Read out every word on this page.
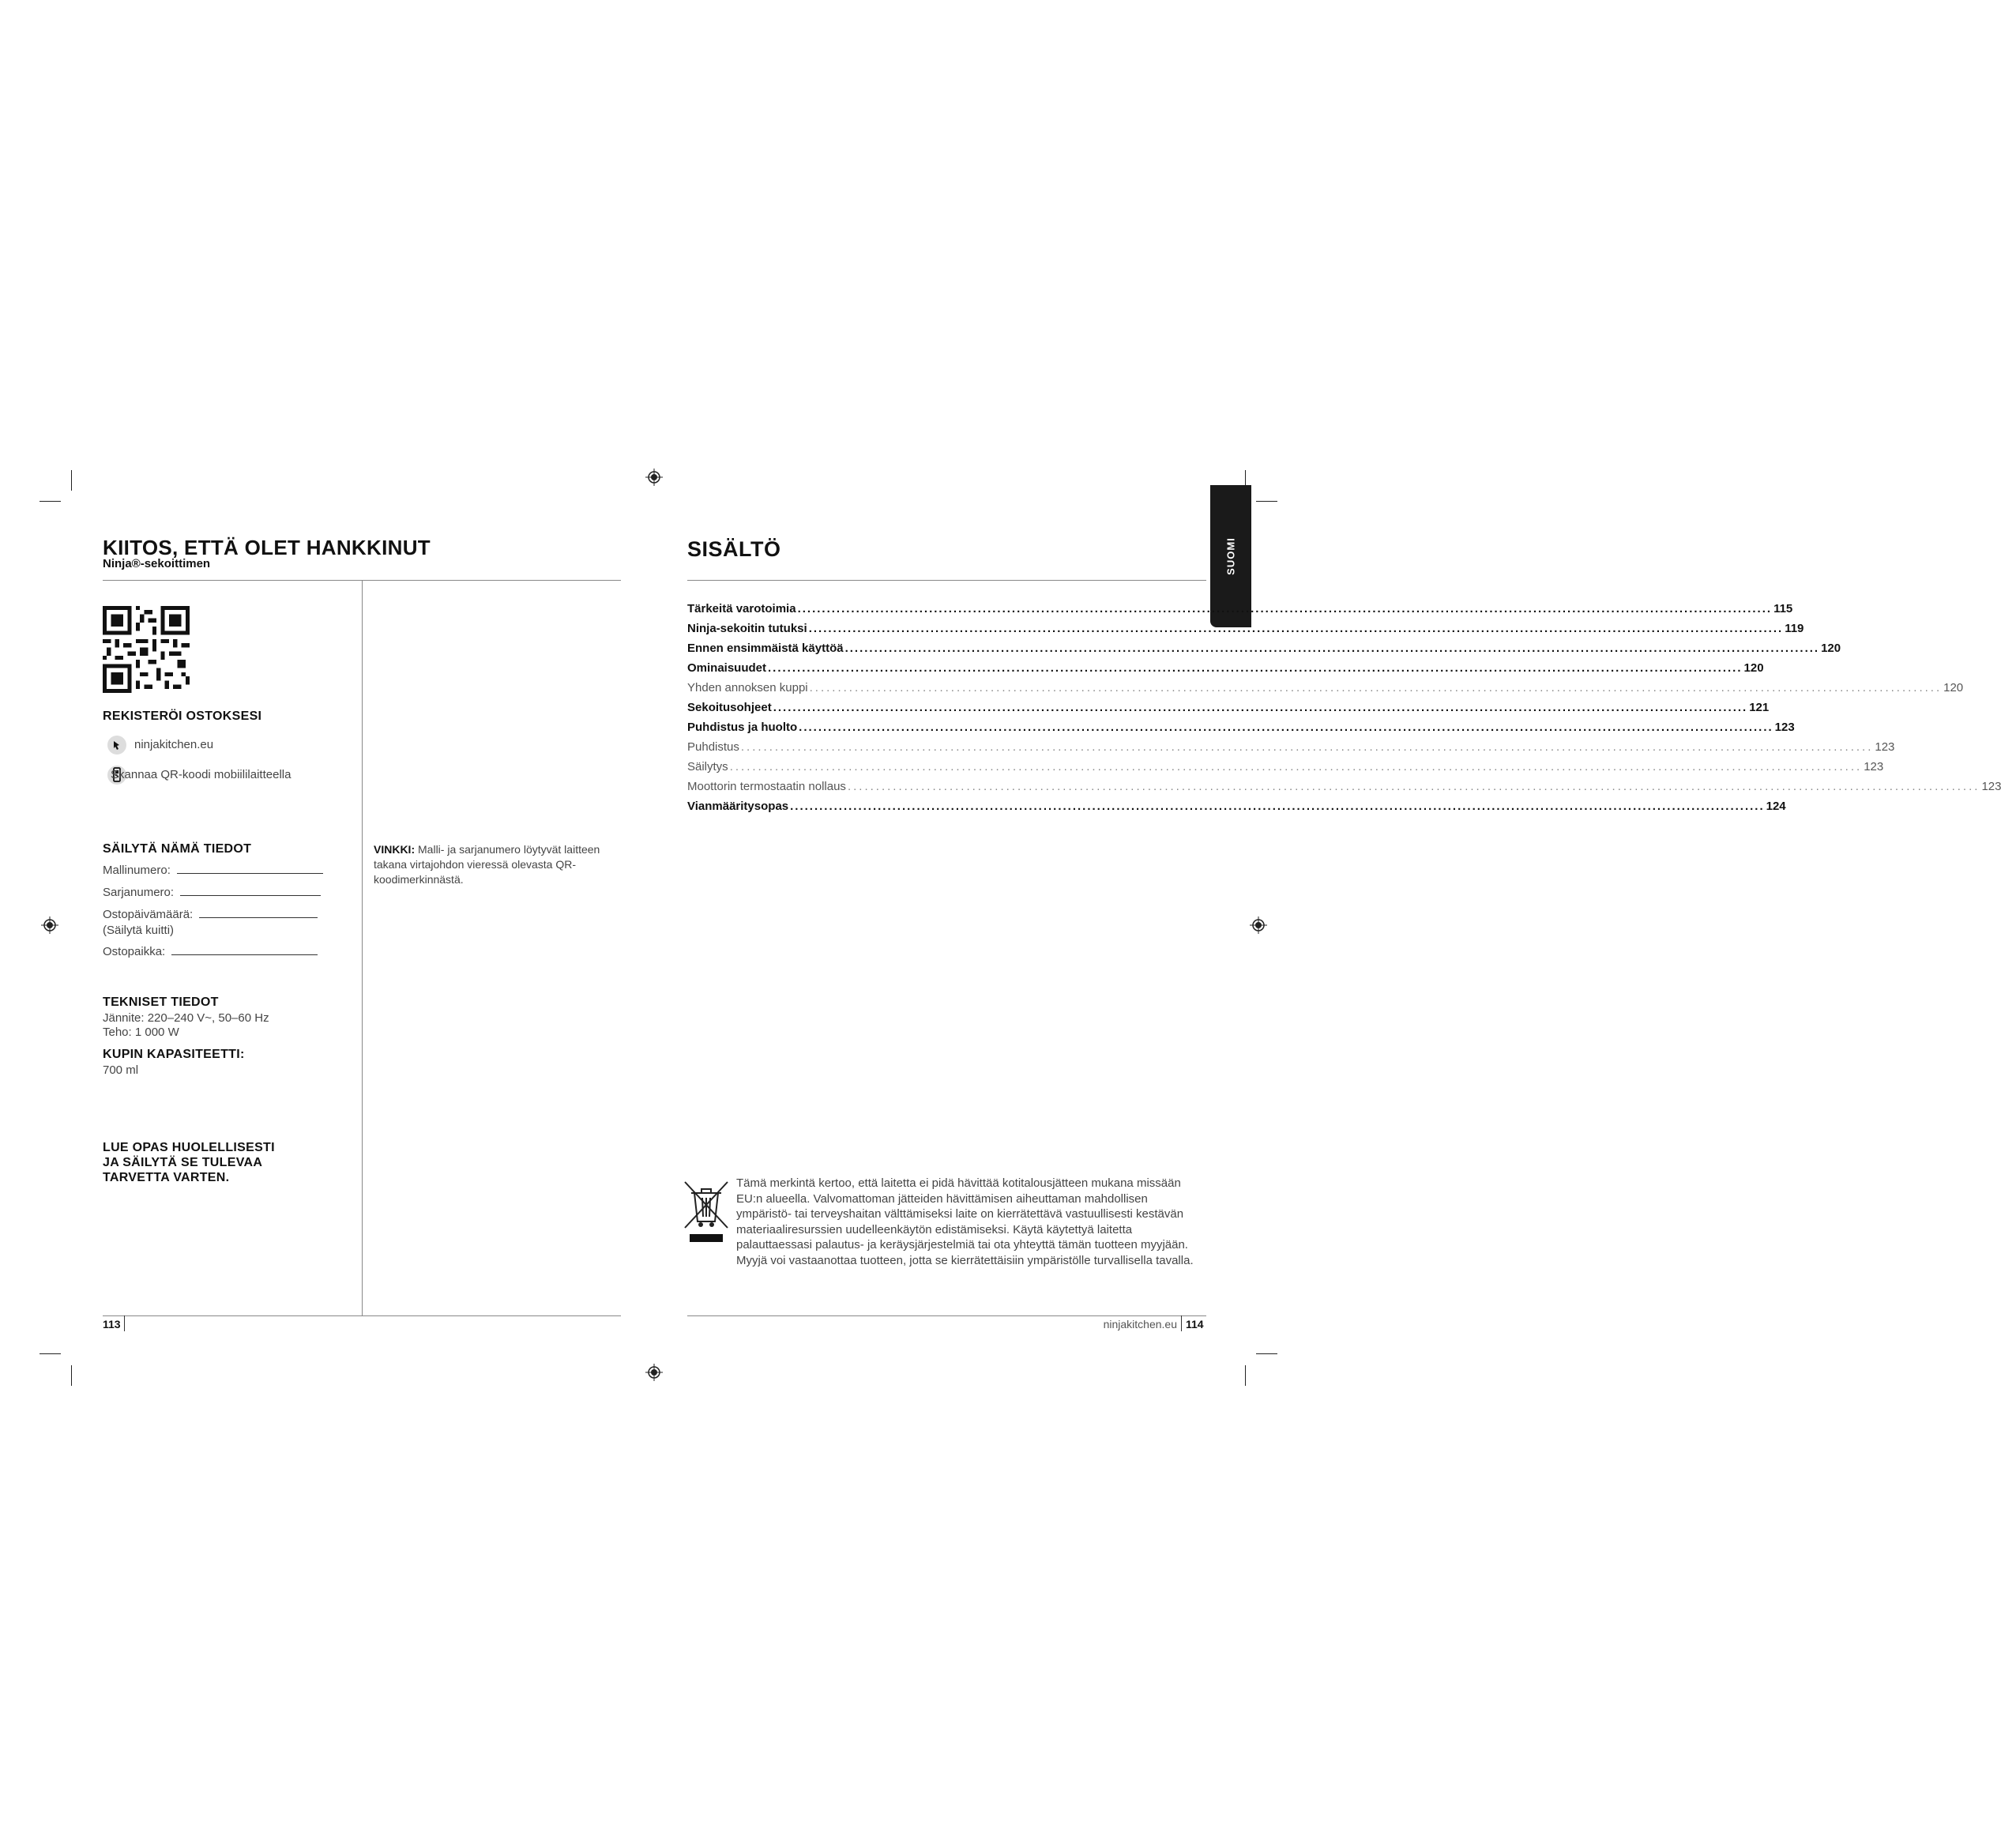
KIITOS, ETTÄ OLET HANKKINUT
Ninja®-sekoittimen
REKISTERÖI OSTOKSESI
ninjakitchen.eu
Skannaa QR-koodi mobiililaitteella
SÄILYTÄ NÄMÄ TIEDOT
Mallinumero:
Sarjanumero:
Ostopäivämäärä:
(Säilytä kuitti)
Ostopaikka:
VINKKI: Malli- ja sarjanumero löytyvät laitteen takana virtajohdon vieressä olevasta QR-koodimerkinnästä.
TEKNISET TIEDOT
Jännite: 220–240 V~, 50–60 Hz
Teho: 1 000 W
KUPIN KAPASITEETTI:
700 ml
LUE OPAS HUOLELLISESTI
JA SÄILYTÄ SE TULEVAA
TARVETTA VARTEN.
113
SISÄLTÖ	SUOMI
Tärkeitä varotoimia ........................................................................................................................................................................................................ 115
Ninja-sekoitin tutuksi ........................................................................................................................................................................................................ 119
Ennen ensimmäistä käyttöä ........................................................................................................................................................................................................ 120
Ominaisuudet ........................................................................................................................................................................................................ 120
Yhden annoksen kuppi ........................................................................................................................................................................................................ 120
Sekoitusohjeet ........................................................................................................................................................................................................ 121
Puhdistus ja huolto ........................................................................................................................................................................................................ 123
Puhdistus ........................................................................................................................................................................................................ 123
Säilytys ........................................................................................................................................................................................................ 123
Moottorin termostaatin nollaus ........................................................................................................................................................................................................ 123
Vianmääritysopas ........................................................................................................................................................................................................ 124
Tämä merkintä kertoo, että laitetta ei pidä hävittää kotitalousjätteen mukana missään EU:n alueella. Valvomattoman jätteiden hävittämisen aiheuttaman mahdollisen ympäristö- tai terveyshaitan välttämiseksi laite on kierrätettävä vastuullisesti kestävän materiaaliresurssien uudelleenkäytön edistämiseksi. Käytä käytettyä laitetta palauttaessasi palautus- ja keräysjärjestelmiä tai ota yhteyttä tämän tuotteen myyjään. Myyjä voi vastaanottaa tuotteen, jotta se kierrätettäisiin ympäristölle turvallisella tavalla.
ninjakitchen.eu 114
